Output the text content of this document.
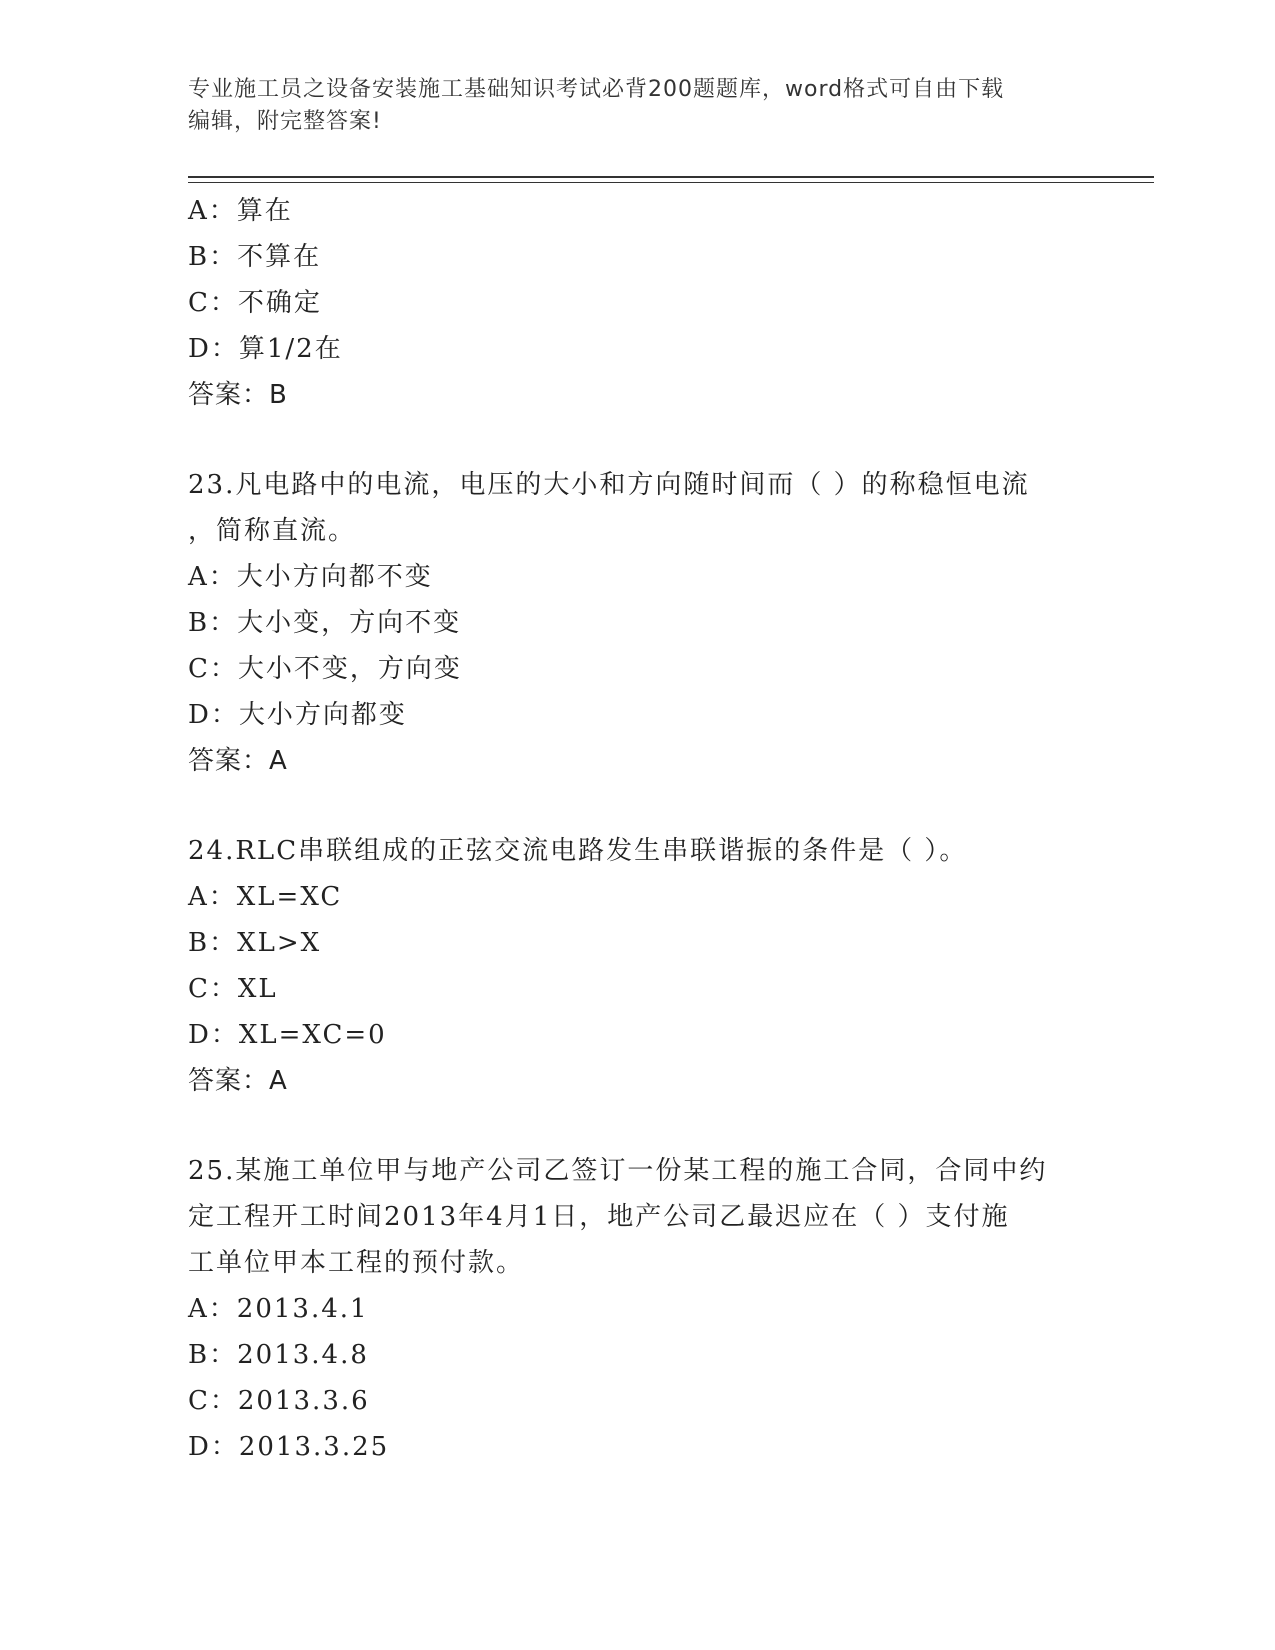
专业施工员之设备安装施工基础知识考试必背200题题库，word格式可自由下载
编辑，附完整答案!
A：算在
B：不算在
C：不确定
D：算1/2在
答案：B
23.凡电路中的电流，电压的大小和方向随时间而（ ）的称稳恒电流
，简称直流。
A：大小方向都不变
B：大小变，方向不变
C：大小不变，方向变
D：大小方向都变
答案：A
24.RLC串联组成的正弦交流电路发生串联谐振的条件是（ ）。
A：XL=XC
B：XL>X
C：XL
D：XL=XC=0
答案：A
25.某施工单位甲与地产公司乙签订一份某工程的施工合同，合同中约
定工程开工时间2013年4月1日，地产公司乙最迟应在（ ）支付施
工单位甲本工程的预付款。
A：2013.4.1
B：2013.4.8
C：2013.3.6
D：2013.3.25
